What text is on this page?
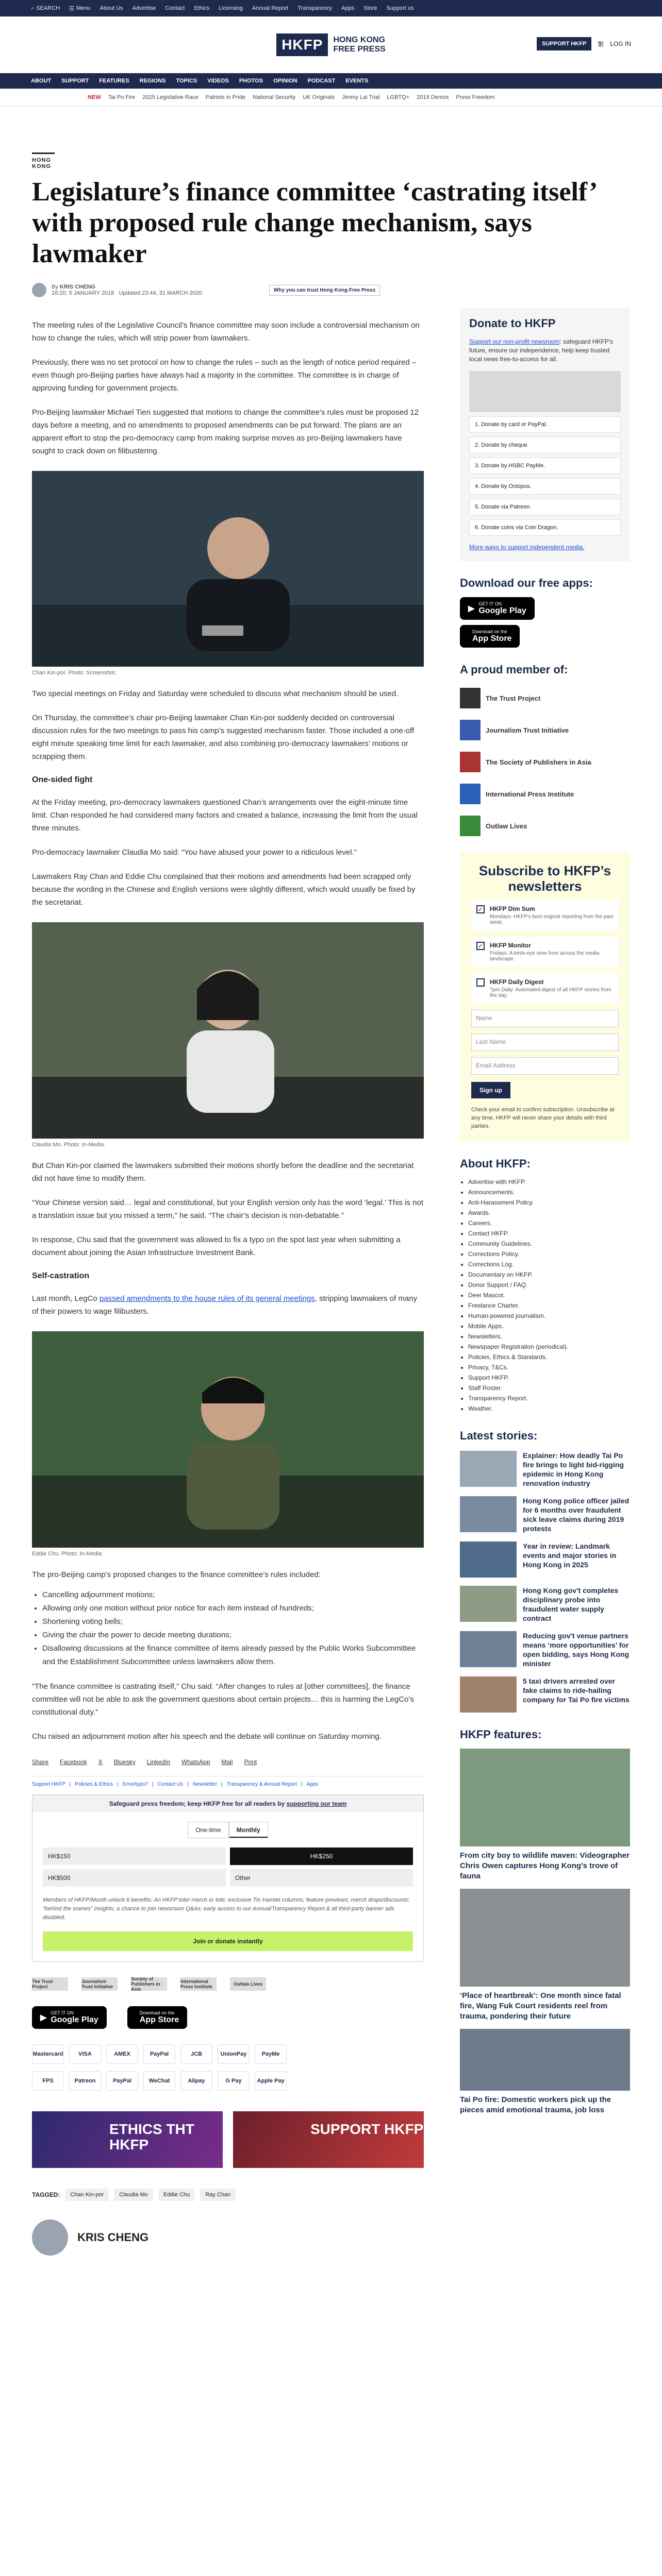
⌕ SEARCH ☰ Menu About Us Advertise Contact Ethics Licensing Annual Report Transparency Apps Store Support us
HKFP	HONG KONG
FREE PRESS
SUPPORT HKFP	繁 LOG IN
ABOUT SUPPORT FEATURES REGIONS TOPICS VIDEOS PHOTOS OPINION PODCAST EVENTS
NEW Tai Po Fire 2025 Legislative Race Patriots in Pride National Security UK Originals Jimmy Lai Trial LGBTQ+ 2019 Demos Press Freedom
HONG KONG
Legislature’s finance committee ‘castrating itself’ with proposed rule change mechanism, says lawmaker
By KRIS CHENG
16:20, 5 JANUARY 2018 Updated 23:44, 31 MARCH 2020	Why you can trust Hong Kong Free Press

The meeting rules of the Legislative Council’s finance committee may soon include a controversial mechanism on how to change the rules, which will strip power from lawmakers.

Previously, there was no set protocol on how to change the rules – such as the length of notice period required – even though pro-Beijing parties have always had a majority in the committee. The committee is in charge of approving funding for government projects.

Pro-Beijing lawmaker Michael Tien suggested that motions to change the committee’s rules must be proposed 12 days before a meeting, and no amendments to proposed amendments can be put forward. The plans are an apparent effort to stop the pro-democracy camp from making surprise moves as pro-Beijing lawmakers have sought to crack down on filibustering.

Chan Kin-por. Photo: Screenshot.

Two special meetings on Friday and Saturday were scheduled to discuss what mechanism should be used.

On Thursday, the committee’s chair pro-Beijing lawmaker Chan Kin-por suddenly decided on controversial discussion rules for the two meetings to pass his camp’s suggested mechanism faster. Those included a one-off eight minute speaking time limit for each lawmaker, and also combining pro-democracy lawmakers’ motions or scrapping them.

One-sided fight

At the Friday meeting, pro-democracy lawmakers questioned Chan’s arrangements over the eight-minute time limit. Chan responded he had considered many factors and created a balance, increasing the limit from the usual three minutes.

Pro-democracy lawmaker Claudia Mo said: “You have abused your power to a ridiculous level.”

Lawmakers Ray Chan and Eddie Chu complained that their motions and amendments had been scrapped only because the wording in the Chinese and English versions were slightly different, which would usually be fixed by the secretariat.

Claudia Mo. Photo: In-Media.

But Chan Kin-por claimed the lawmakers submitted their motions shortly before the deadline and the secretariat did not have time to modify them.

“Your Chinese version said… legal and constitutional, but your English version only has the word ‘legal.’ This is not a translation issue but you missed a term,” he said. “The chair’s decision is non-debatable.”

In response, Chu said that the government was allowed to fix a typo on the spot last year when submitting a document about joining the Asian Infrastructure Investment Bank.

Self-castration

Last month, LegCo passed amendments to the house rules of its general meetings, stripping lawmakers of many of their powers to wage filibusters.

Eddie Chu. Photo: In-Media.

The pro-Beijing camp’s proposed changes to the finance committee’s rules included:

• Cancelling adjournment motions;
• Allowing only one motion without prior notice for each item instead of hundreds;
• Shortening voting bells;
• Giving the chair the power to decide meeting durations;
• Disallowing discussions at the finance committee of items already passed by the Public Works Subcommittee and the Establishment Subcommittee unless lawmakers allow them.

“The finance committee is castrating itself,” Chu said. “After changes to rules at [other committees], the finance committee will not be able to ask the government questions about certain projects… this is harming the LegCo’s constitutional duty.”

Chu raised an adjournment motion after his speech and the debate will continue on Saturday morning.

Share Facebook X Bluesky LinkedIn WhatsApp Mail Print
Support HKFP | Policies & Ethics | Error/typo? | Contact Us | Newsletter | Transparency & Annual Report | Apps
Safeguard press freedom; keep HKFP free for all readers by supporting our team
One-time	Monthly
HK$150	HK$250
HK$500	Other

Members of HKFP/Month unlock 6 benefits: An HKFP tote/ merch or tote; exclusive Tin Hamlet columns; feature previews; merch drops/discounts; “behind the scenes” insights; a chance to join newsroom Q&As; early access to our Annual/Transparency Report & all third-party banner ads disabled.

Join or donate instantly
The Trust Project
Journalism Trust Initiative
Society of Publishers in Asia
International Press Institute	Outlaw Lives
▶
GET IT ON
Google Play
Download on the
App Store
Mastercard	VISA	AMEX	PayPal	JCB	UnionPay	PayMe
FPS	Patreon	PayPal	WeChat	Alipay	G Pay	Apple Pay
ETHICS THT HKFP
SUPPORT HKFP
TAGGED:	Chan Kin-por	Claudia Mo	Eddie Chu	Ray Chan
KRIS CHENG
Donate to HKFP

Support our non-profit newsroom: safeguard HKFP's future, ensure our independence, help keep trusted local news free-to-access for all.

1. Donate by card or PayPal.
2. Donate by cheque.
3. Donate by HSBC PayMe.
4. Donate by Octopus.
5. Donate via Patreon.
6. Donate coins via Coin Dragon.

More ways to support independent media.

Download our free apps:
▶
GET IT ON
Google Play

Download on the
App Store
A proud member of:
The Trust Project
Journalism Trust Initiative
The Society of Publishers in Asia
International Press Institute
Outlaw Lives
Subscribe to HKFP’s newsletters
✓ HKFP Dim Sum
Mondays: HKFP's best original reporting from the past week.
✓ HKFP Monitor
Fridays: A birds-eye view from across the media landscape.
HKFP Daily Digest
7pm Daily: Automated digest of all HKFP stories from the day.
Name
Last Name
Email Address
Sign up

Check your email to confirm subscription. Unsubscribe at any time. HKFP will never share your details with third parties.

About HKFP:
• Advertise with HKFP.
• Announcements.
• Anti-Harassment Policy.
• Awards.
• Careers.
• Contact HKFP.
• Community Guidelines.
• Corrections Policy.
• Corrections Log.
• Documentary on HKFP.
• Donor Support / FAQ.
• Deer Mascot.
• Freelance Charter.
• Human-powered journalism.
• Mobile Apps.
• Newsletters.
• Newspaper Registration (periodical).
• Policies, Ethics & Standards.
• Privacy, T&Cs.
• Support HKFP.
• Staff Roster.
• Transparency Report.
• Weather.
Latest stories:
Explainer: How deadly Tai Po fire brings to light bid-rigging epidemic in Hong Kong renovation industry
Hong Kong police officer jailed for 6 months over fraudulent sick leave claims during 2019 protests
Year in review: Landmark events and major stories in Hong Kong in 2025
Hong Kong gov't completes disciplinary probe into fraudulent water supply contract
Reducing gov't venue partners means ‘more opportunities’ for open bidding, says Hong Kong minister
5 taxi drivers arrested over fake claims to ride-hailing company for Tai Po fire victims
HKFP features:

From city boy to wildlife maven: Videographer Chris Owen captures Hong Kong’s trove of fauna

‘Place of heartbreak’: One month since fatal fire, Wang Fuk Court residents reel from trauma, pondering their future

Tai Po fire: Domestic workers pick up the pieces amid emotional trauma, job loss
